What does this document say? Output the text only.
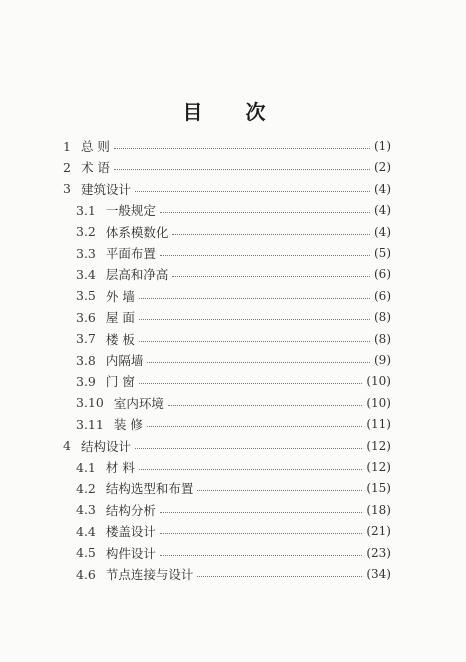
目 次
1 总 则	(1)
2 术 语	(2)
3 建筑设计	(4)
3.1 一般规定	(4)
3.2 体系模数化	(4)
3.3 平面布置	(5)
3.4 层高和净高	(6)
3.5 外 墙	(6)
3.6 屋 面	(8)
3.7 楼 板	(8)
3.8 内隔墙	(9)
3.9 门 窗	(10)
3.10 室内环境	(10)
3.11 装 修	(11)
4 结构设计	(12)
4.1 材 料	(12)
4.2 结构选型和布置	(15)
4.3 结构分析	(18)
4.4 楼盖设计	(21)
4.5 构件设计	(23)
4.6 节点连接与设计	(34)
